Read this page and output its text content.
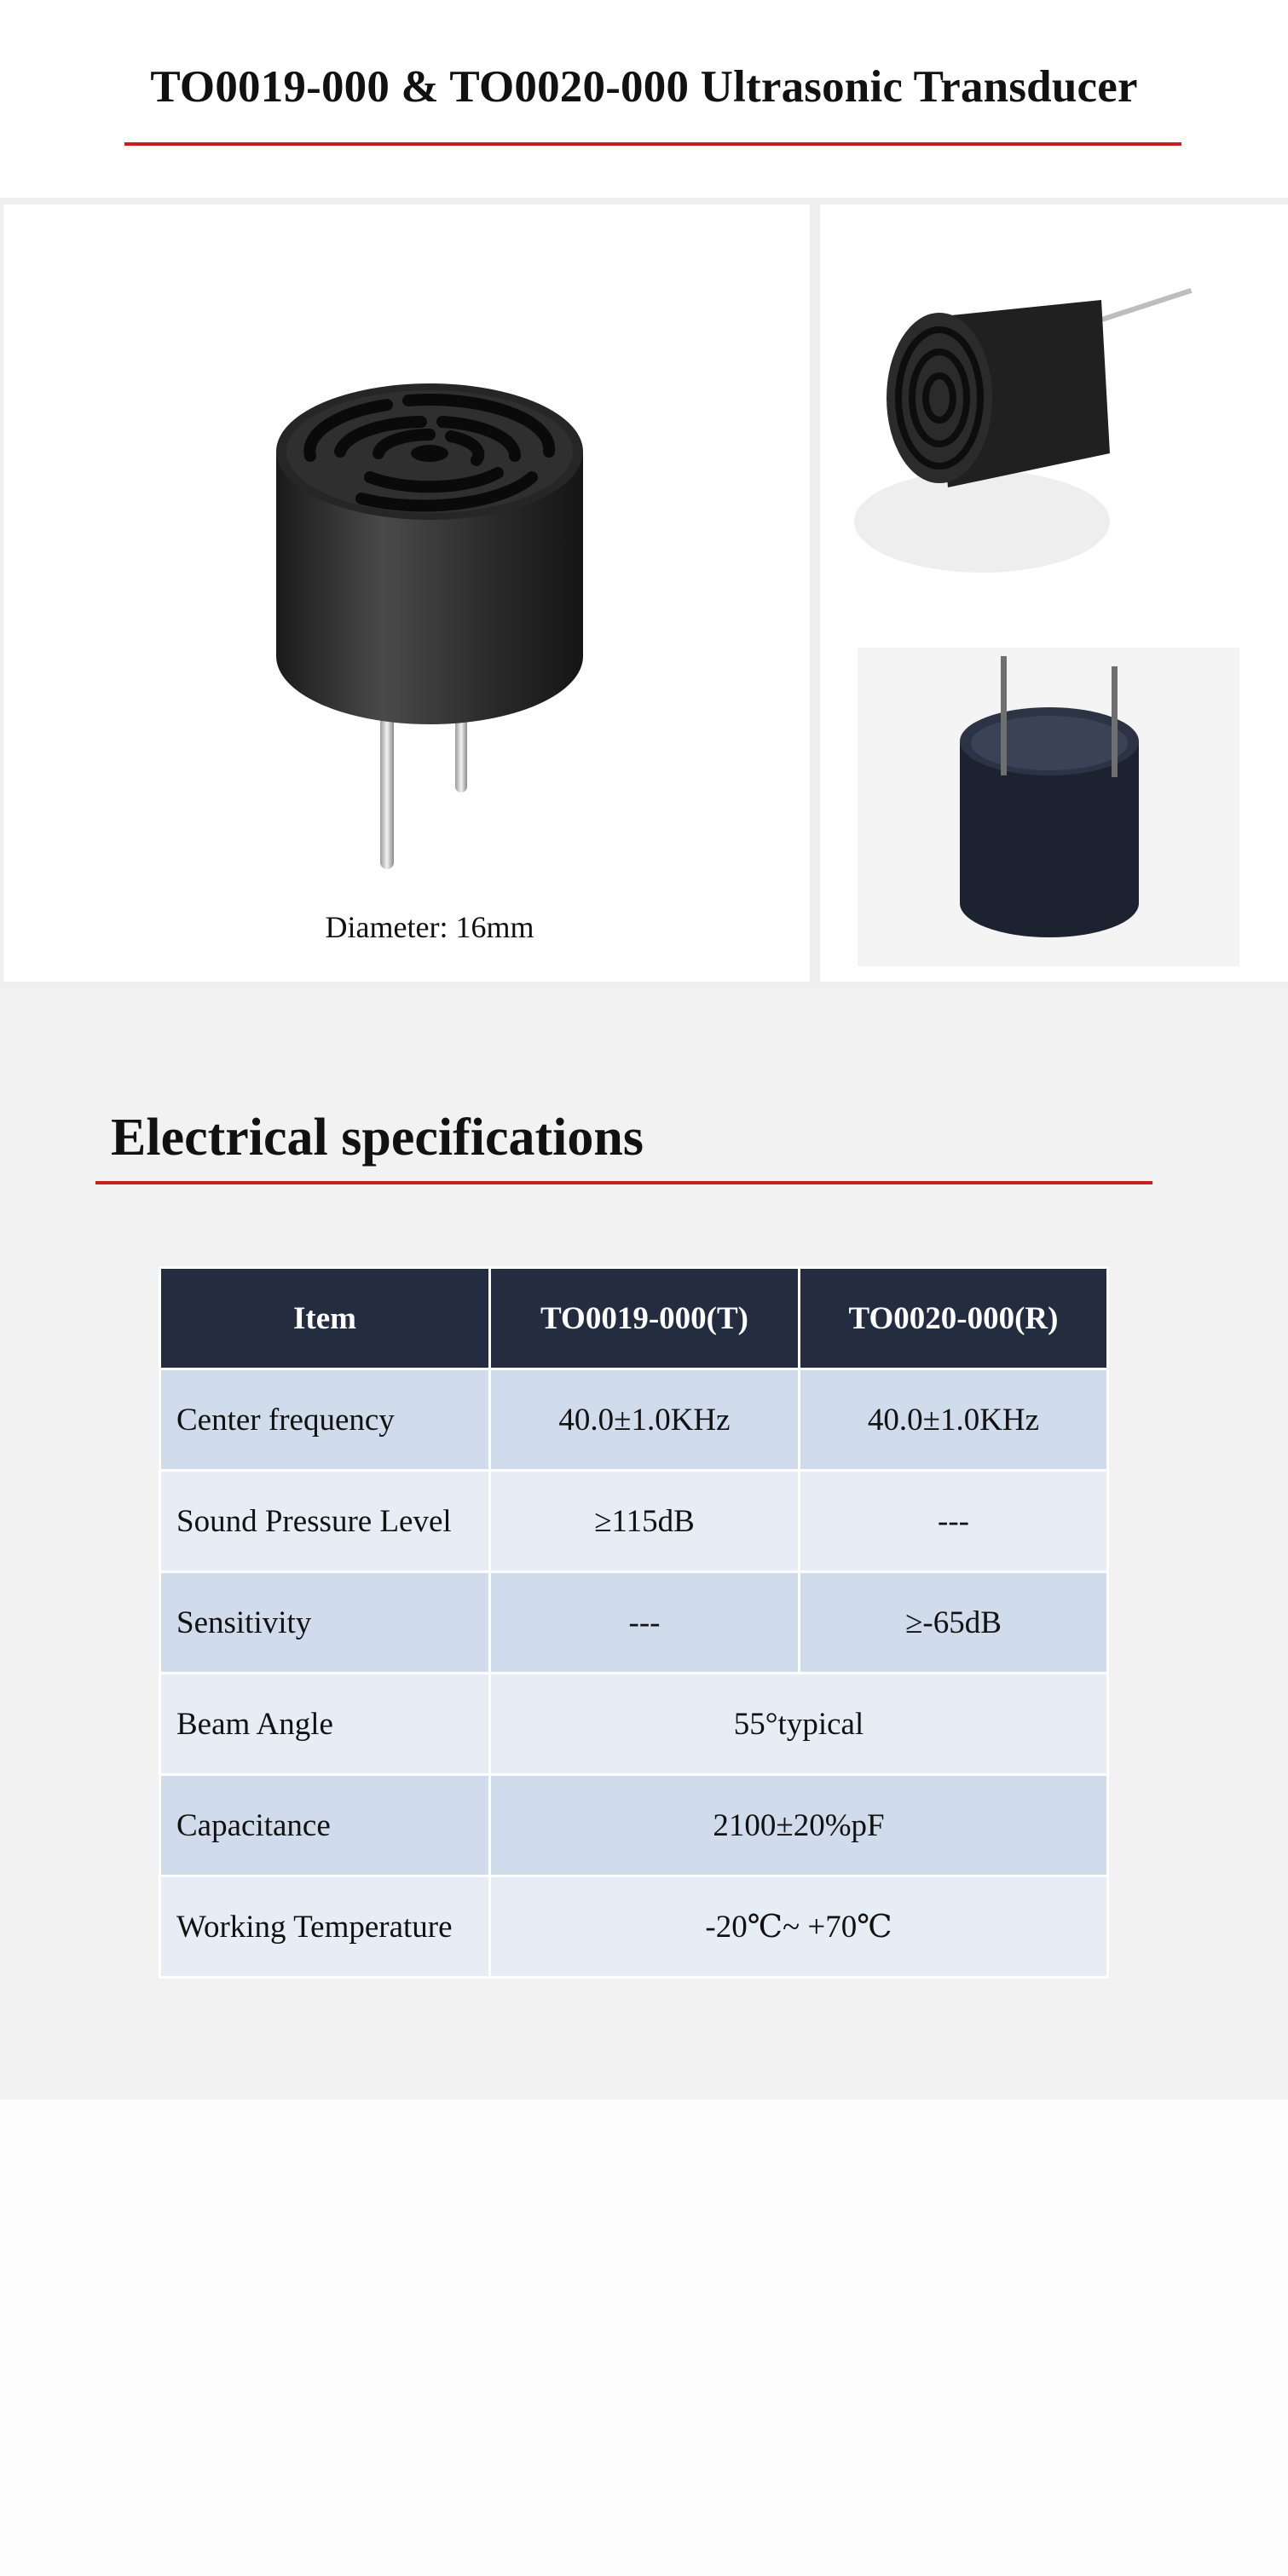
TO0019-000 & TO0020-000 Ultrasonic Transducer
Diameter: 16mm
Electrical specifications
Item	TO0019-000(T)	TO0020-000(R)
Center frequency	40.0±1.0KHz	40.0±1.0KHz
Sound Pressure Level	≥115dB	---
Sensitivity	---	≥-65dB
Beam Angle	55°typical	
Capacitance	2100±20%pF	
Working Temperature	-20℃~ +70℃	
